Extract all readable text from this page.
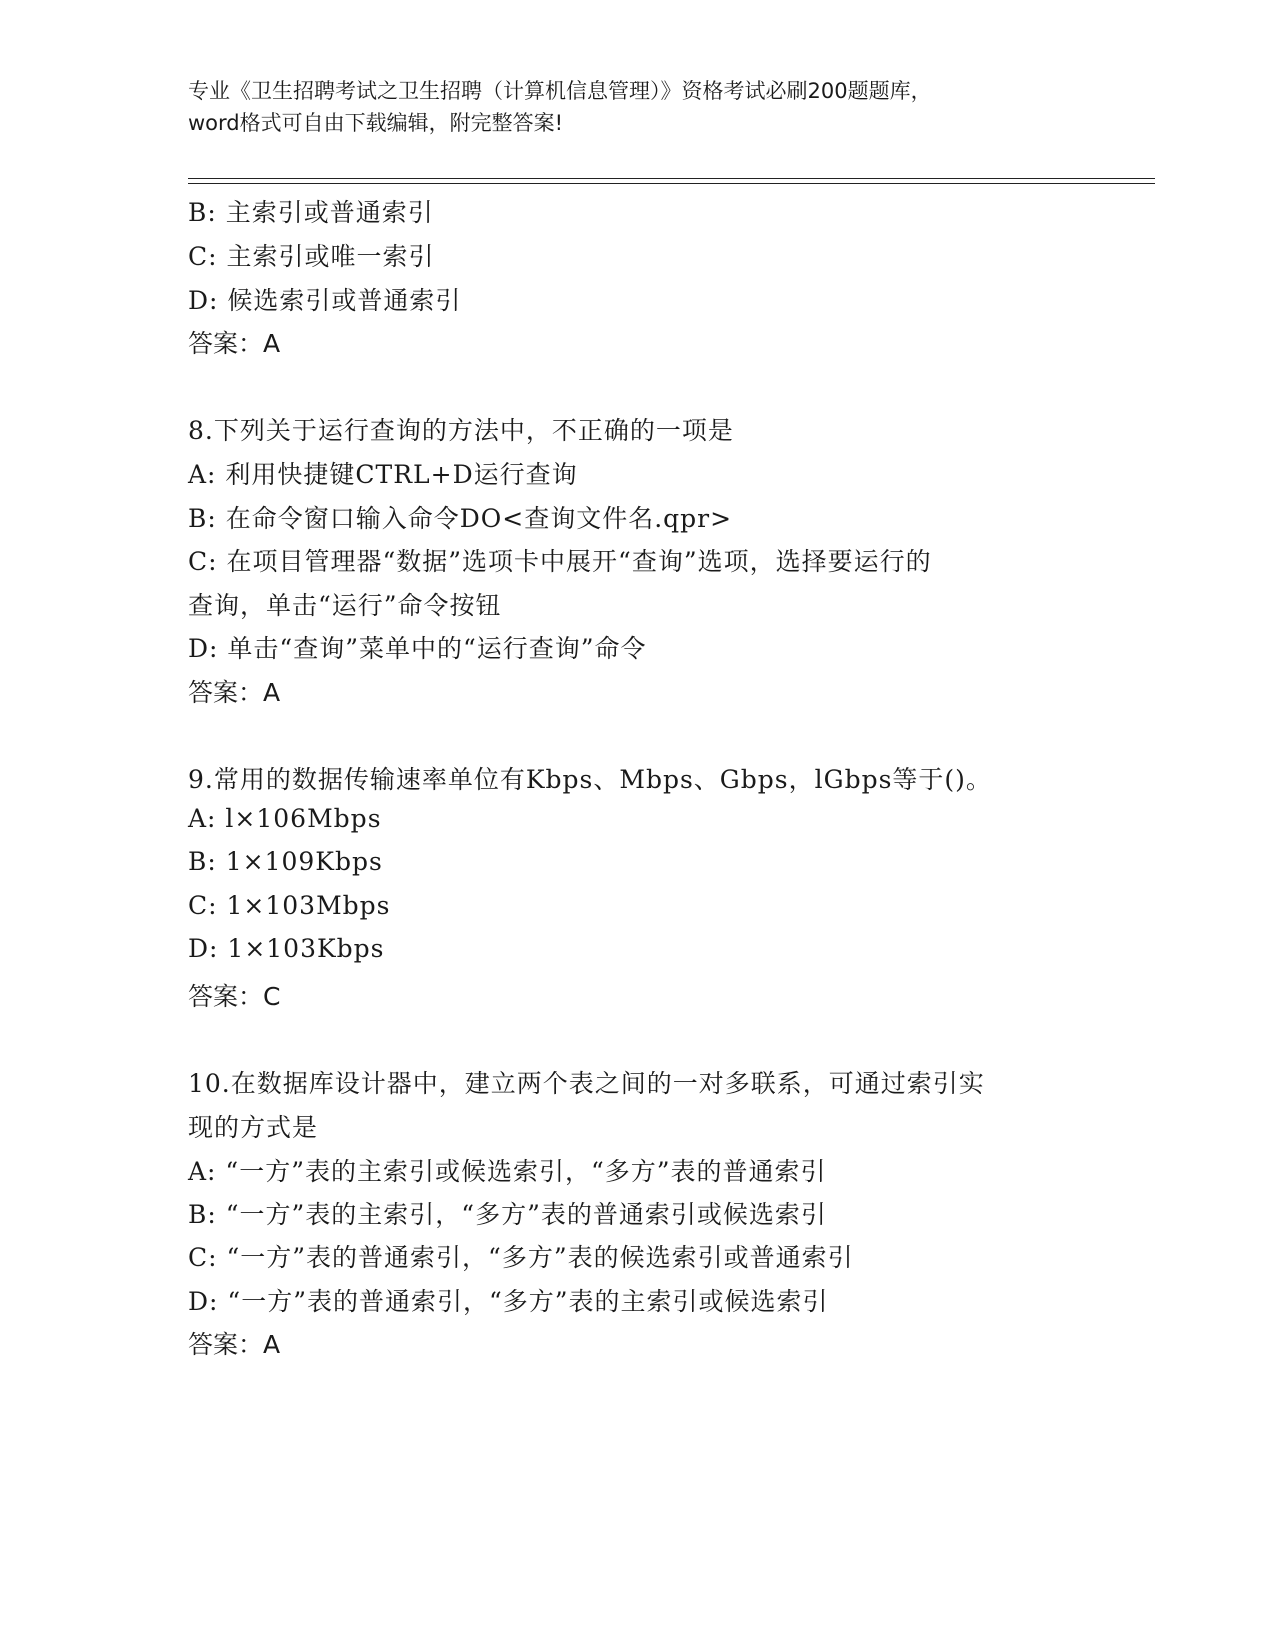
专业《卫生招聘考试之卫生招聘（计算机信息管理）》资格考试必刷200题题库，
word格式可自由下载编辑，附完整答案!
B: 主索引或普通索引
C: 主索引或唯一索引
D: 候选索引或普通索引
答案：A
8.下列关于运行查询的方法中，不正确的一项是
A: 利用快捷键CTRL+D运行查询
B: 在命令窗口输入命令DO<查询文件名.qpr>
C: 在项目管理器“数据”选项卡中展开“查询”选项，选择要运行的
查询，单击“运行”命令按钮
D: 单击“查询”菜单中的“运行查询”命令
答案：A
9.常用的数据传输速率单位有Kbps、Mbps、Gbps，lGbps等于()。
A: l×106Mbps
B: 1×109Kbps
C: 1×103Mbps
D: 1×103Kbps
答案：C
10.在数据库设计器中，建立两个表之间的一对多联系，可通过索引实
现的方式是
A: “一方”表的主索引或候选索引，“多方”表的普通索引
B: “一方”表的主索引，“多方”表的普通索引或候选索引
C: “一方”表的普通索引，“多方”表的候选索引或普通索引
D: “一方”表的普通索引，“多方”表的主索引或候选索引
答案：A
